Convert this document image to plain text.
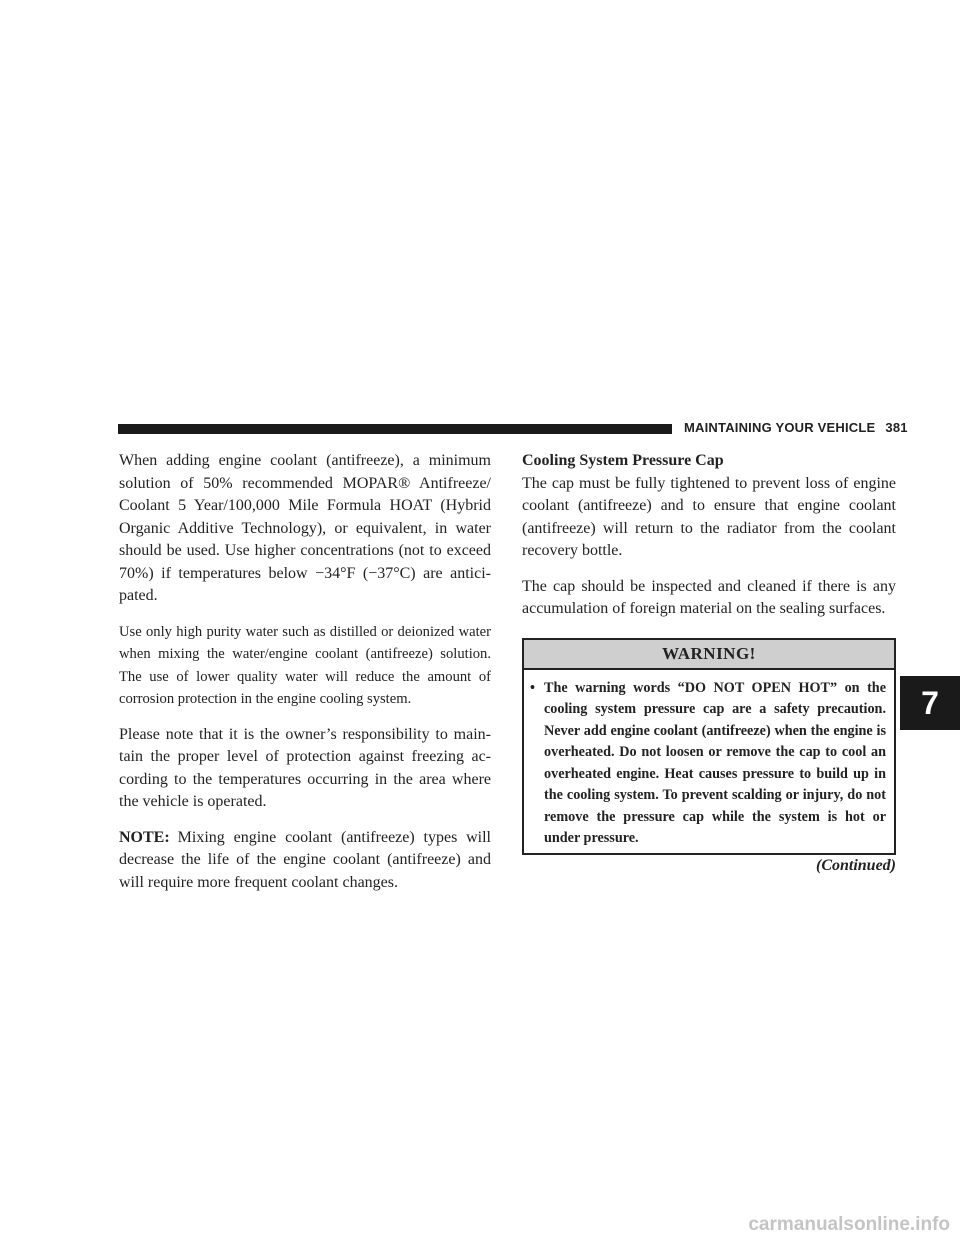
MAINTAINING YOUR VEHICLE 381

When adding engine coolant (antifreeze), a minimum solution of 50% recommended MOPAR® Antifreeze/ Coolant 5 Year/100,000 Mile Formula HOAT (Hybrid Organic Additive Technology), or equivalent, in water should be used. Use higher concentrations (not to exceed 70%) if temperatures below −34°F (−37°C) are anticipated.

Use only high purity water such as distilled or deionized water when mixing the water/engine coolant (antifreeze) solution. The use of lower quality water will reduce the amount of corrosion protection in the engine cooling system.

Please note that it is the owner’s responsibility to maintain the proper level of protection against freezing according to the temperatures occurring in the area where the vehicle is operated.

NOTE: Mixing engine coolant (antifreeze) types will decrease the life of the engine coolant (antifreeze) and will require more frequent coolant changes.

Cooling System Pressure Cap

The cap must be fully tightened to prevent loss of engine coolant (antifreeze) and to ensure that engine coolant (antifreeze) will return to the radiator from the coolant recovery bottle.

The cap should be inspected and cleaned if there is any accumulation of foreign material on the sealing surfaces.

WARNING!
• The warning words “DO NOT OPEN HOT” on the cooling system pressure cap are a safety precaution. Never add engine coolant (antifreeze) when the engine is overheated. Do not loosen or remove the cap to cool an overheated engine. Heat causes pressure to build up in the cooling system. To prevent scalding or injury, do not remove the pressure cap while the system is hot or under pressure.
(Continued)
7
carmanualsonline.info
